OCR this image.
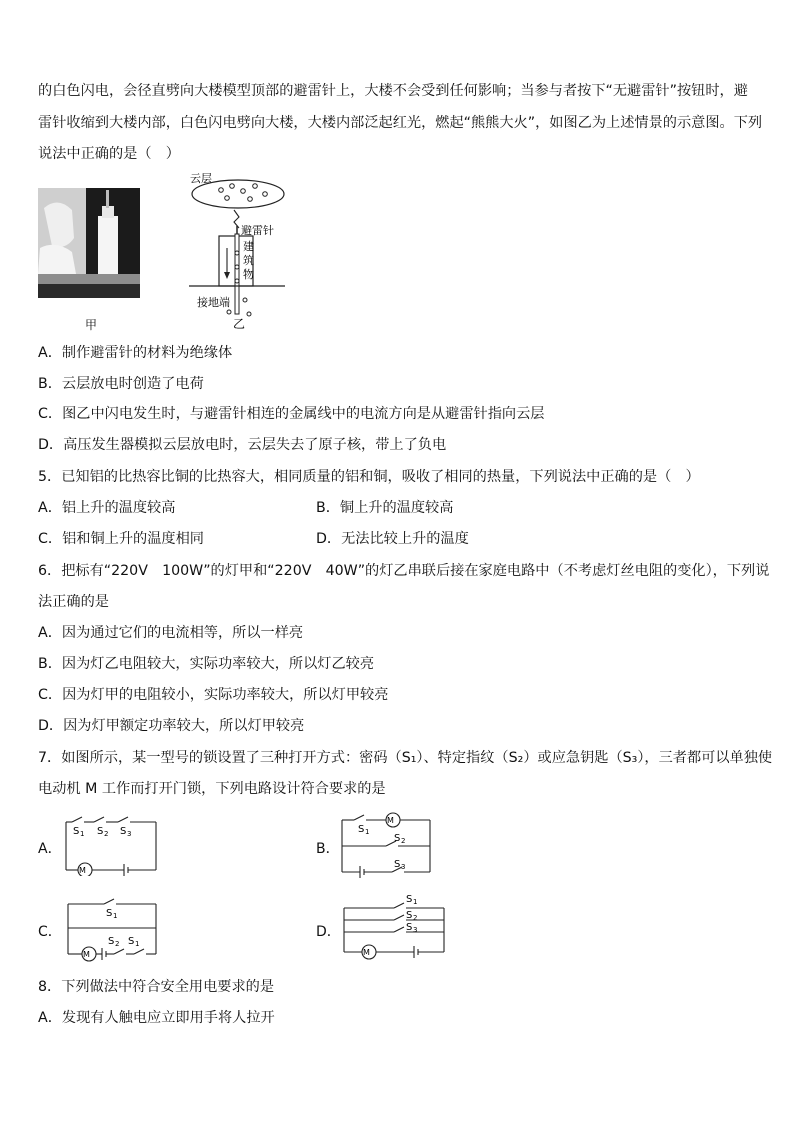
的白色闪电，会径直劈向大楼模型顶部的避雷针上，大楼不会受到任何影响；当参与者按下“无避雷针”按钮时，避
雷针收缩到大楼内部，白色闪电劈向大楼，大楼内部泛起红光，燃起“熊熊大火”，如图乙为上述情景的示意图。下列
说法中正确的是（　）
甲
云层
避雷针
建
筑
物
接地端
乙
A．制作避雷针的材料为绝缘体
B．云层放电时创造了电荷
C．图乙中闪电发生时，与避雷针相连的金属线中的电流方向是从避雷针指向云层
D．高压发生器模拟云层放电时，云层失去了原子核，带上了负电
5．已知铝的比热容比铜的比热容大，相同质量的铝和铜，吸收了相同的热量，下列说法中正确的是（　）
A．铝上升的温度较高	B．铜上升的温度较高
C．铝和铜上升的温度相同	D．无法比较上升的温度
6．把标有“220V　100W”的灯甲和“220V　40W”的灯乙串联后接在家庭电路中（不考虑灯丝电阻的变化），下列说
法正确的是
A．因为通过它们的电流相等，所以一样亮
B．因为灯乙电阻较大，实际功率较大，所以灯乙较亮
C．因为灯甲的电阻较小，实际功率较大，所以灯甲较亮
D．因为灯甲额定功率较大，所以灯甲较亮
7．如图所示，某一型号的锁设置了三种打开方式：密码（S₁）、特定指纹（S₂）或应急钥匙（S₃），三者都可以单独使
电动机 M 工作而打开门锁，下列电路设计符合要求的是
A．
M
S 1 S 2 S 3
B．
M
S 1
S 2
S 3
C．
M
S 1
S 2 S 1
D．
M
S 1
S 2
S 3
8．下列做法中符合安全用电要求的是
A．发现有人触电应立即用手将人拉开
